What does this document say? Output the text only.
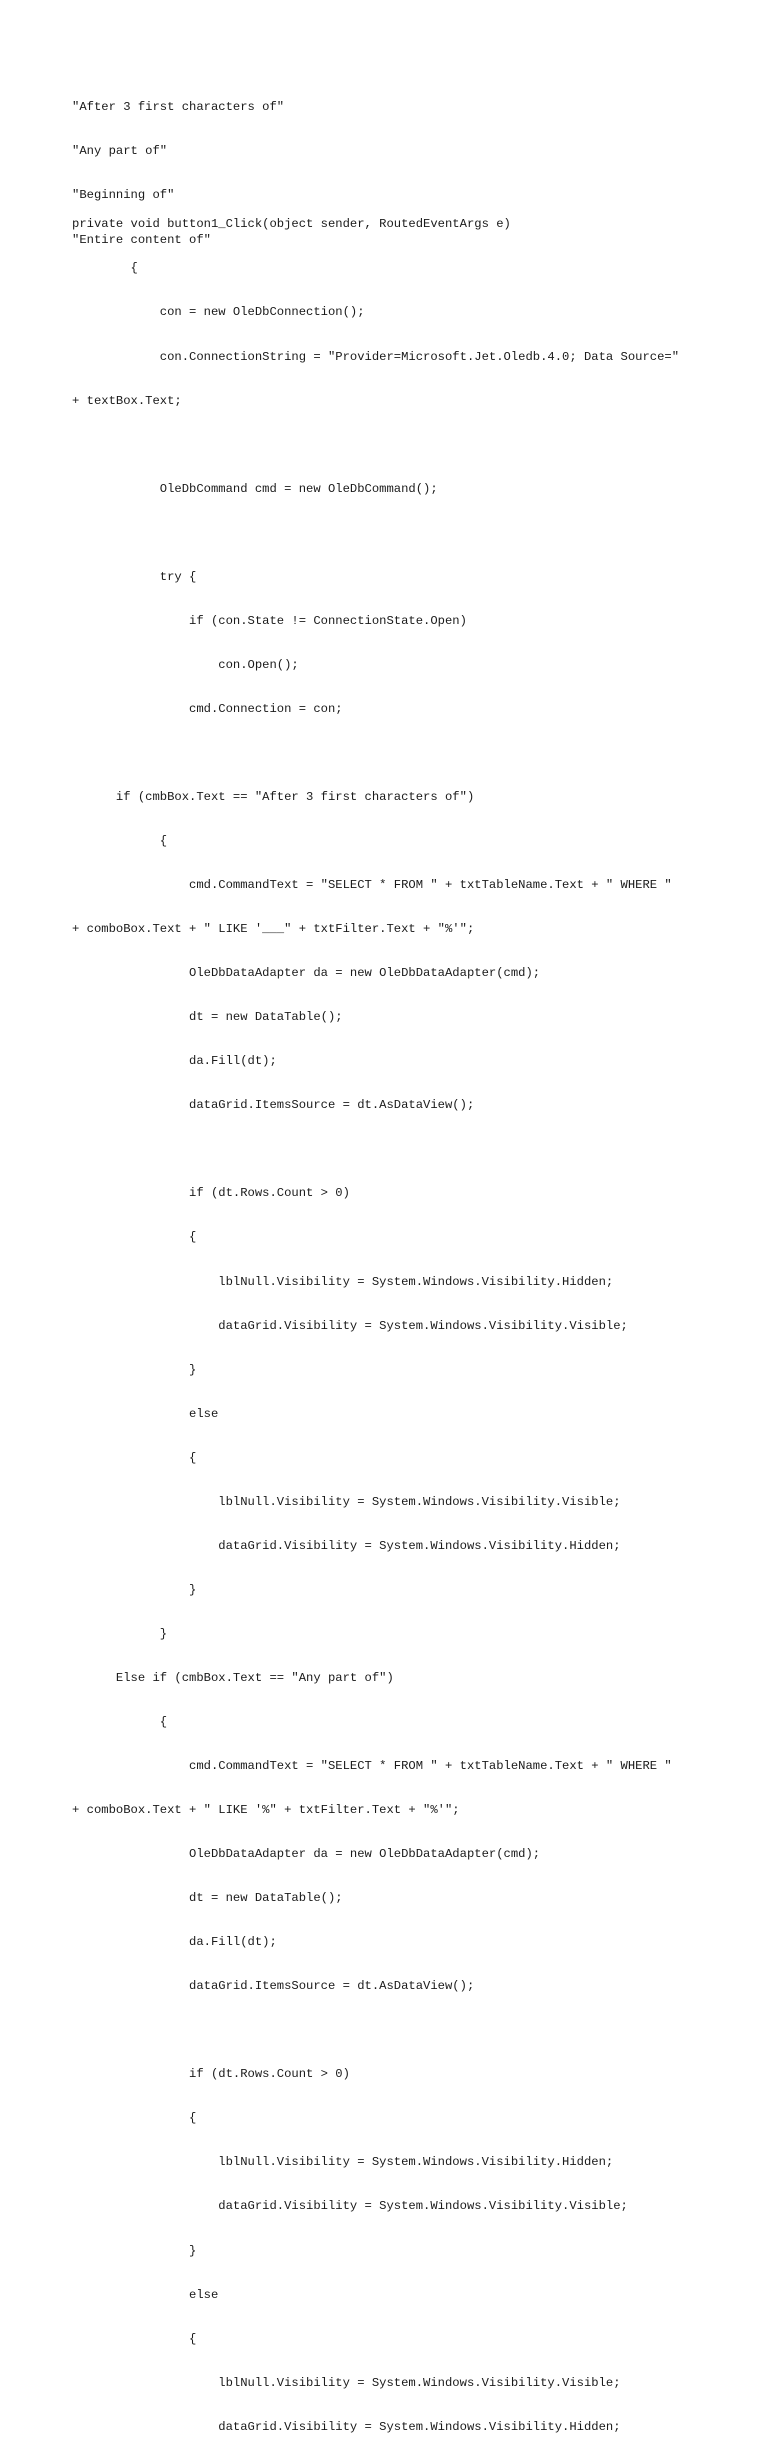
"After 3 first characters of"

"Any part of"

"Beginning of"

"Entire content of"

private void button1_Click(object sender, RoutedEventArgs e)

{

con = new OleDbConnection();

con.ConnectionString = "Provider=Microsoft.Jet.Oledb.4.0; Data Source="

+ textBox.Text;

OleDbCommand cmd = new OleDbCommand();

try {

if (con.State != ConnectionState.Open)

con.Open();

cmd.Connection = con;

if (cmbBox.Text == "After 3 first characters of")

{

cmd.CommandText = "SELECT * FROM " + txtTableName.Text + " WHERE "

+ comboBox.Text + " LIKE '___" + txtFilter.Text + "%'";

OleDbDataAdapter da = new OleDbDataAdapter(cmd);

dt = new DataTable();

da.Fill(dt);

dataGrid.ItemsSource = dt.AsDataView();

if (dt.Rows.Count > 0)

{

lblNull.Visibility = System.Windows.Visibility.Hidden;

dataGrid.Visibility = System.Windows.Visibility.Visible;

}

else

{

lblNull.Visibility = System.Windows.Visibility.Visible;

dataGrid.Visibility = System.Windows.Visibility.Hidden;

}

}

Else if (cmbBox.Text == "Any part of")

{

cmd.CommandText = "SELECT * FROM " + txtTableName.Text + " WHERE "

+ comboBox.Text + " LIKE '%" + txtFilter.Text + "%'";

OleDbDataAdapter da = new OleDbDataAdapter(cmd);

dt = new DataTable();

da.Fill(dt);

dataGrid.ItemsSource = dt.AsDataView();

if (dt.Rows.Count > 0)

{

lblNull.Visibility = System.Windows.Visibility.Hidden;

dataGrid.Visibility = System.Windows.Visibility.Visible;

}

else

{

lblNull.Visibility = System.Windows.Visibility.Visible;

dataGrid.Visibility = System.Windows.Visibility.Hidden;
